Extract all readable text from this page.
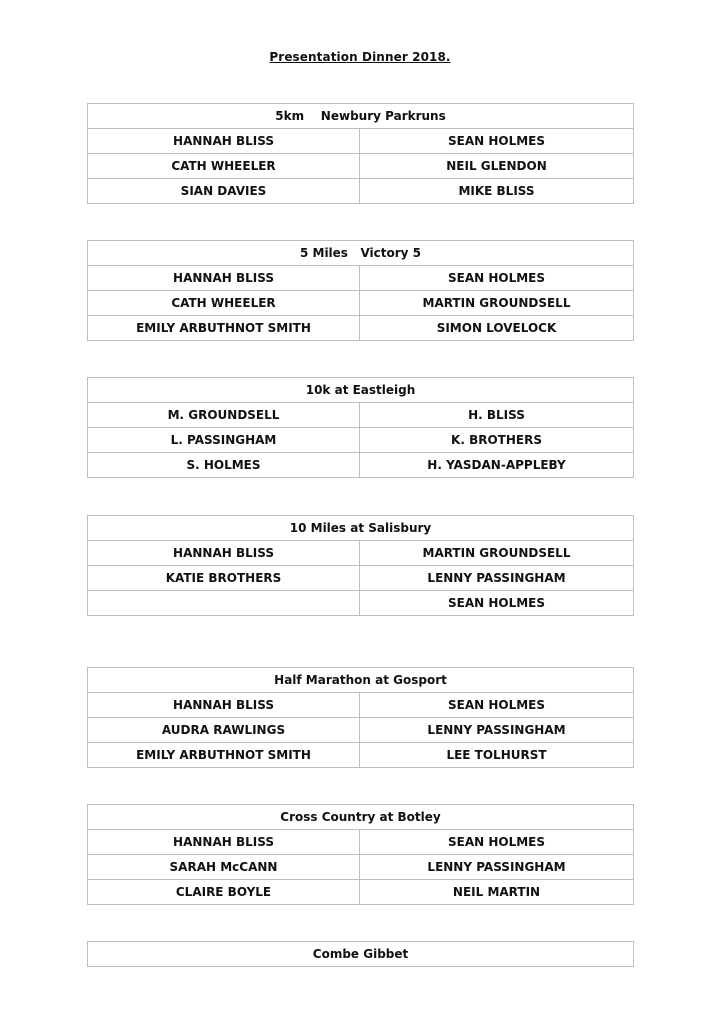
Presentation Dinner 2018.
5km    Newbury Parkruns	
HANNAH BLISS	SEAN HOLMES
CATH WHEELER	NEIL GLENDON
SIAN DAVIES	MIKE BLISS
5 Miles   Victory 5	
HANNAH BLISS	SEAN HOLMES
CATH WHEELER	MARTIN GROUNDSELL
EMILY ARBUTHNOT SMITH	SIMON LOVELOCK
10k at Eastleigh	
M. GROUNDSELL	H. BLISS
L. PASSINGHAM	K. BROTHERS
S. HOLMES	H. YASDAN-APPLEBY
10 Miles at Salisbury	
HANNAH BLISS	MARTIN GROUNDSELL
KATIE BROTHERS	LENNY PASSINGHAM
	SEAN HOLMES
Half Marathon at Gosport	
HANNAH BLISS	SEAN HOLMES
AUDRA RAWLINGS	LENNY PASSINGHAM
EMILY ARBUTHNOT SMITH	LEE TOLHURST
Cross Country at Botley	
HANNAH BLISS	SEAN HOLMES
SARAH McCANN	LENNY PASSINGHAM
CLAIRE BOYLE	NEIL MARTIN
Combe Gibbet
